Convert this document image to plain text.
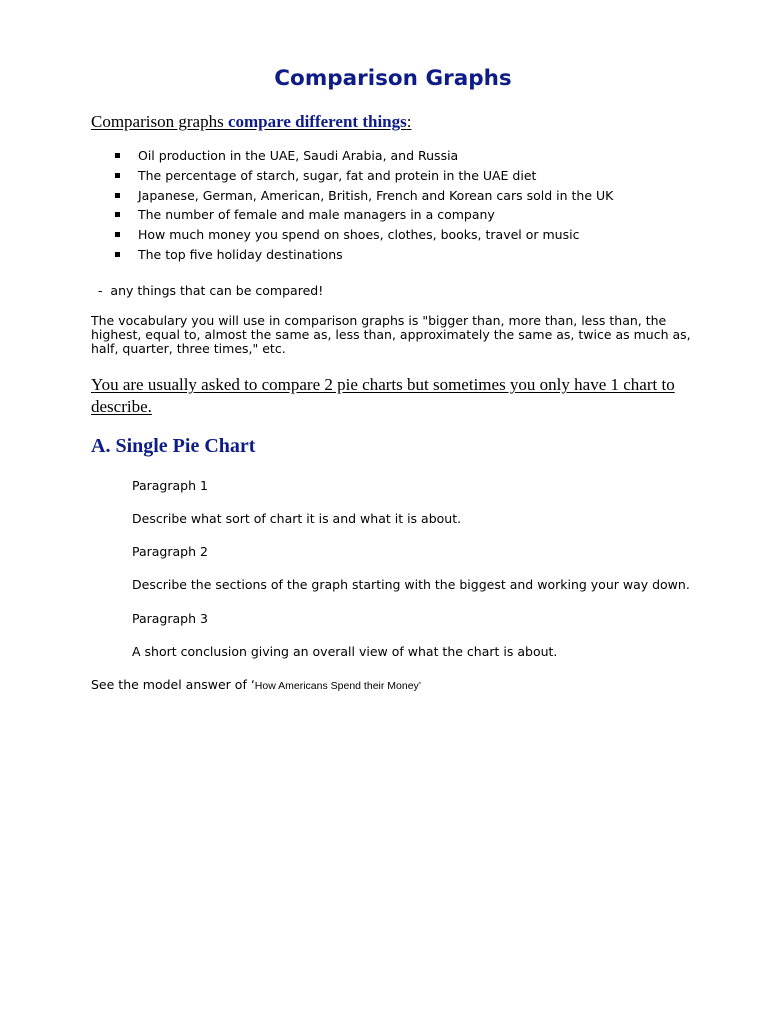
Comparison Graphs

Comparison graphs compare different things:

Oil production in the UAE, Saudi Arabia, and Russia
The percentage of starch, sugar, fat and protein in the UAE diet
Japanese, German, American, British, French and Korean cars sold in the UK
The number of female and male managers in a company
How much money you spend on shoes, clothes, books, travel or music
The top five holiday destinations

-  any things that can be compared!

The vocabulary you will use in comparison graphs is "bigger than, more than, less than, the highest, equal to, almost the same as, less than, approximately the same as, twice as much as, half, quarter, three times," etc.

You are usually asked to compare 2 pie charts but sometimes you only have 1 chart to describe.

A. Single Pie Chart

Paragraph 1

Describe what sort of chart it is and what it is about.

Paragraph 2

Describe the sections of the graph starting with the biggest and working your way down.

Paragraph 3

A short conclusion giving an overall view of what the chart is about.

See the model answer of ‘How Americans Spend their Money’
